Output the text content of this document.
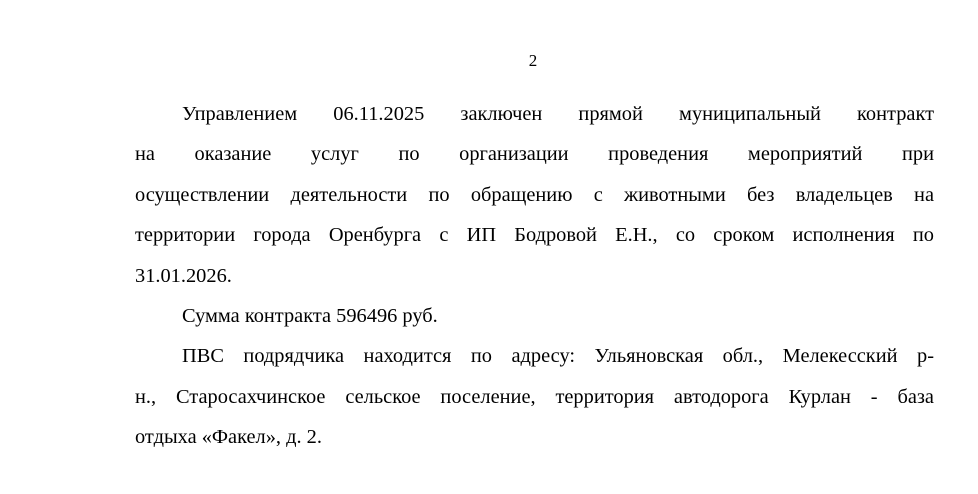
2
Управлением 06.11.2025 заключен прямой муниципальный контракт
на оказание услуг по организации проведения мероприятий при
осуществлении деятельности по обращению с животными без владельцев на
территории города Оренбурга с ИП Бодровой Е.Н., со сроком исполнения по
31.01.2026.
Сумма контракта 596496 руб.
ПВС подрядчика находится по адресу: Ульяновская обл., Мелекесский р-
н., Старосахчинское сельское поселение, территория автодорога Курлан - база
отдыха «Факел», д. 2.
